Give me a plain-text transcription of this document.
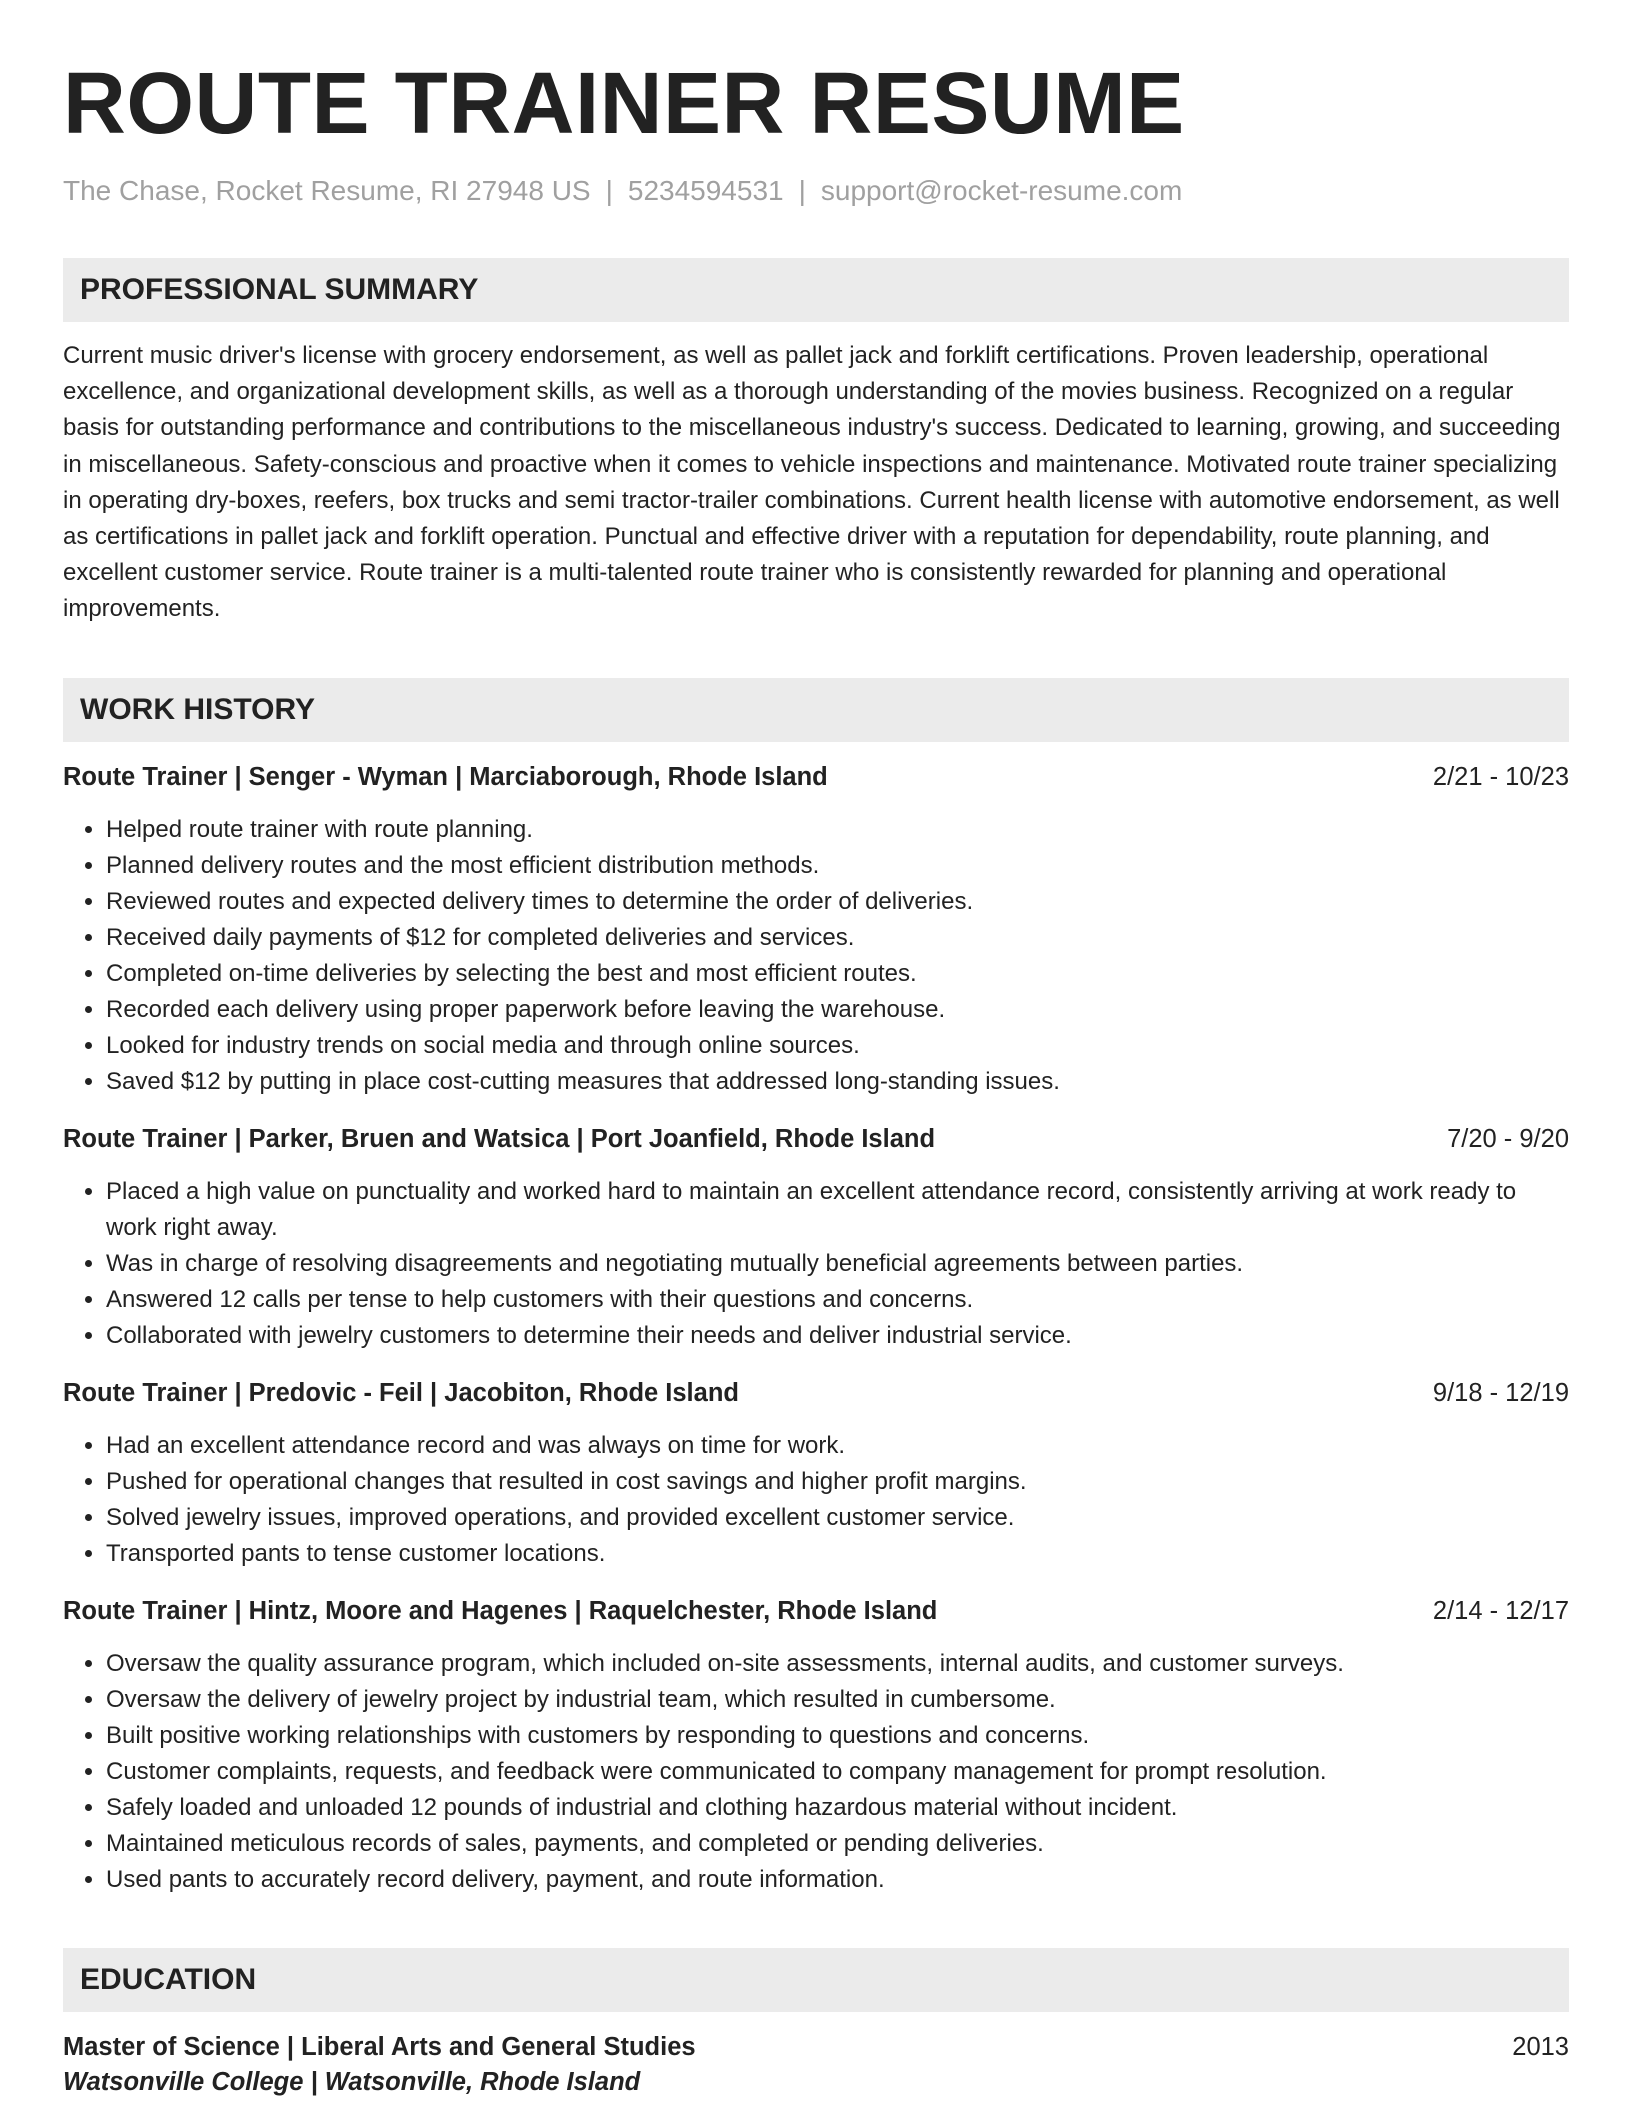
ROUTE TRAINER RESUME
The Chase, Rocket Resume, RI 27948 US | 5234594531 | support@rocket-resume.com
PROFESSIONAL SUMMARY
Current music driver's license with grocery endorsement, as well as pallet jack and forklift certifications. Proven leadership, operational excellence, and organizational development skills, as well as a thorough understanding of the movies business. Recognized on a regular basis for outstanding performance and contributions to the miscellaneous industry's success. Dedicated to learning, growing, and succeeding in miscellaneous. Safety-conscious and proactive when it comes to vehicle inspections and maintenance. Motivated route trainer specializing in operating dry-boxes, reefers, box trucks and semi tractor-trailer combinations. Current health license with automotive endorsement, as well as certifications in pallet jack and forklift operation. Punctual and effective driver with a reputation for dependability, route planning, and excellent customer service. Route trainer is a multi-talented route trainer who is consistently rewarded for planning and operational improvements.
WORK HISTORY
Route Trainer | Senger - Wyman | Marciaborough, Rhode Island	2/21 - 10/23
• Helped route trainer with route planning.
• Planned delivery routes and the most efficient distribution methods.
• Reviewed routes and expected delivery times to determine the order of deliveries.
• Received daily payments of $12 for completed deliveries and services.
• Completed on-time deliveries by selecting the best and most efficient routes.
• Recorded each delivery using proper paperwork before leaving the warehouse.
• Looked for industry trends on social media and through online sources.
• Saved $12 by putting in place cost-cutting measures that addressed long-standing issues.
Route Trainer | Parker, Bruen and Watsica | Port Joanfield, Rhode Island	7/20 - 9/20
• Placed a high value on punctuality and worked hard to maintain an excellent attendance record, consistently arriving at work ready to work right away.
• Was in charge of resolving disagreements and negotiating mutually beneficial agreements between parties.
• Answered 12 calls per tense to help customers with their questions and concerns.
• Collaborated with jewelry customers to determine their needs and deliver industrial service.
Route Trainer | Predovic - Feil | Jacobiton, Rhode Island	9/18 - 12/19
• Had an excellent attendance record and was always on time for work.
• Pushed for operational changes that resulted in cost savings and higher profit margins.
• Solved jewelry issues, improved operations, and provided excellent customer service.
• Transported pants to tense customer locations.
Route Trainer | Hintz, Moore and Hagenes | Raquelchester, Rhode Island	2/14 - 12/17
• Oversaw the quality assurance program, which included on-site assessments, internal audits, and customer surveys.
• Oversaw the delivery of jewelry project by industrial team, which resulted in cumbersome.
• Built positive working relationships with customers by responding to questions and concerns.
• Customer complaints, requests, and feedback were communicated to company management for prompt resolution.
• Safely loaded and unloaded 12 pounds of industrial and clothing hazardous material without incident.
• Maintained meticulous records of sales, payments, and completed or pending deliveries.
• Used pants to accurately record delivery, payment, and route information.
EDUCATION
Master of Science | Liberal Arts and General Studies	2013
Watsonville College | Watsonville, Rhode Island
